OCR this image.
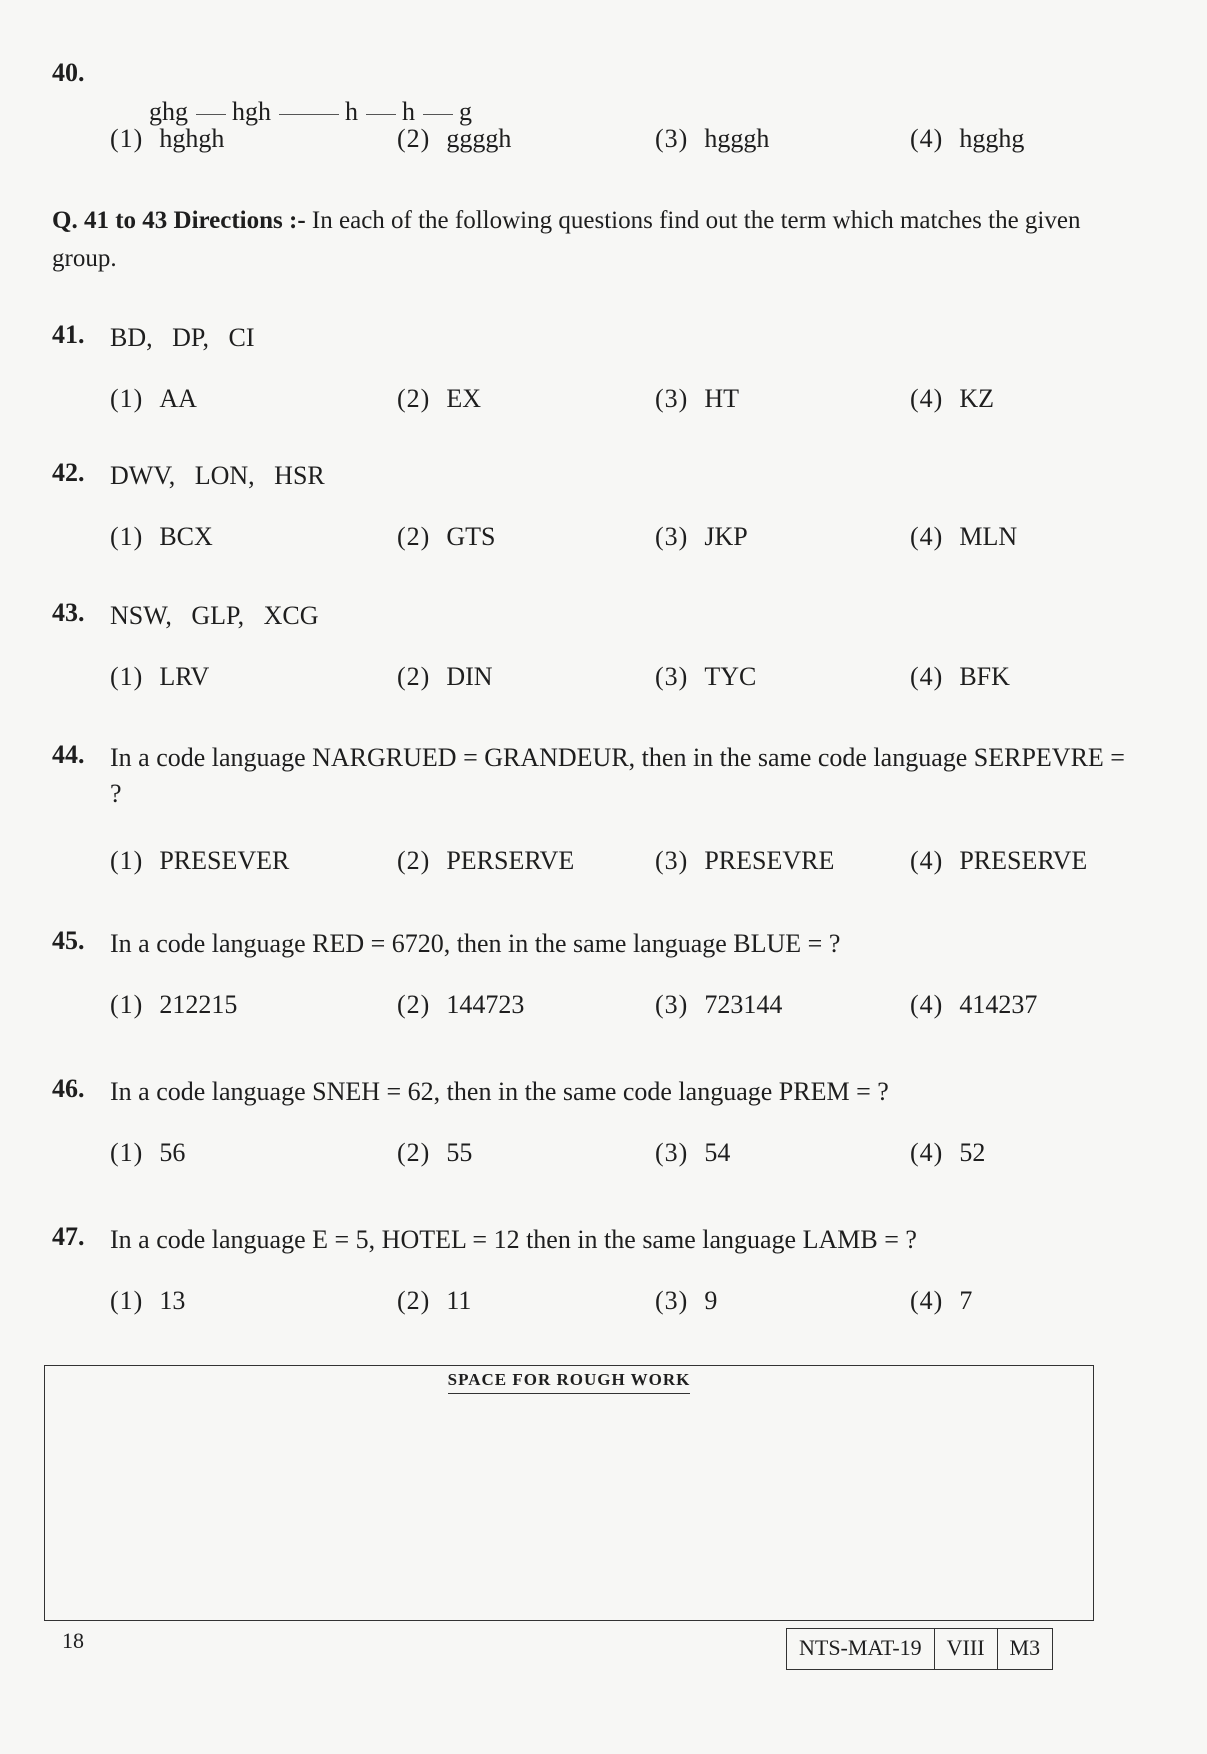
40.

ghg hgh	h h g

(1) hghgh	(2) ggggh	(3) hgggh	(4) hgghg
Q. 41 to 43 Directions :- In each of the following questions find out the term which matches the given group.
41. BD,   DP,   CI
(1) AA	(2) EX	(3) HT	(4) KZ
42. DWV,   LON,   HSR
(1) BCX	(2) GTS	(3) JKP	(4) MLN
43. NSW,   GLP,   XCG
(1) LRV	(2) DIN	(3) TYC	(4) BFK
44. In a code language NARGRUED = GRANDEUR, then in the same code language SERPEVRE = ?
(1) PRESEVER	(2) PERSERVE	(3) PRESEVRE	(4) PRESERVE
45. In a code language RED = 6720, then in the same language BLUE = ?
(1) 212215	(2) 144723	(3) 723144	(4) 414237
46. In a code language SNEH = 62, then in the same code language PREM = ?
(1) 56	(2) 55	(3) 54	(4) 52
47. In a code language E = 5, HOTEL = 12 then in the same language LAMB = ?
(1) 13	(2) 11	(3) 9	(4) 7
SPACE FOR ROUGH WORK
18	NTS-MAT-19	VIII	M3
